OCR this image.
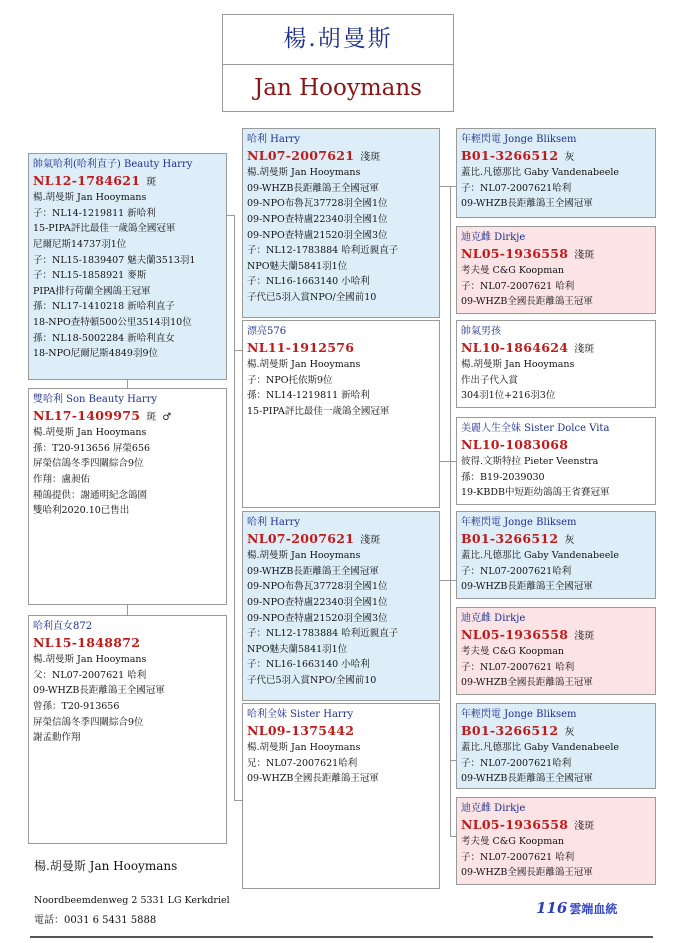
楊.胡曼斯
Jan Hooymans
帥氣哈利(哈利直子) Beauty Harry
NL12-1784621 斑
楊.胡曼斯 Jan Hooymans
子：NL14-1219811 新哈利
15-PIPA評比最佳一歲鴿全國冠軍
尼爾尼斯14737羽1位
子：NL15-1839407 魅夫蘭3513羽1
子：NL15-1858921 麥斯
PIPA排行荷蘭全國鴿王冠軍
孫：NL17-1410218 新哈利直子
18-NPO查特頓500公里3514羽10位
孫：NL18-5002284 新哈利直女
18-NPO尼爾尼斯4849羽9位
雙哈利 Son Beauty Harry
NL17-1409975 斑 ♂
楊.胡曼斯 Jan Hooymans
孫：T20-913656 屏榮656
屏榮信鴿冬季四關綜合9位
作翔：盧昶佑
種鴿提供：謝通明紀念鴿園
雙哈利2020.10已售出
哈利直女872
NL15-1848872
楊.胡曼斯 Jan Hooymans
父：NL07-2007621 哈利
09-WHZB長距離鴿王全國冠軍
曾孫：T20-913656
屏榮信鴿冬季四關綜合9位
謝孟勳作翔
哈利 Harry
NL07-2007621 淺斑
楊.胡曼斯 Jan Hooymans
09-WHZB長距離鴿王全國冠軍
09-NPO布魯瓦37728羽全國1位
09-NPO查特盧22340羽全國1位
09-NPO查特盧21520羽全國3位
子：NL12-1783884 哈利近親直子
NPO魅夫蘭5841羽1位
子：NL16-1663140 小哈利
子代已5羽入賞NPO/全國前10
漂亮576
NL11-1912576
楊.胡曼斯 Jan Hooymans
子：NPO托依斯9位
孫：NL14-1219811 新哈利
15-PIPA評比最佳一歲鴿全國冠軍
哈利 Harry
NL07-2007621 淺斑
楊.胡曼斯 Jan Hooymans
09-WHZB長距離鴿王全國冠軍
09-NPO布魯瓦37728羽全國1位
09-NPO查特盧22340羽全國1位
09-NPO查特盧21520羽全國3位
子：NL12-1783884 哈利近親直子
NPO魅夫蘭5841羽1位
子：NL16-1663140 小哈利
子代已5羽入賞NPO/全國前10
哈利全妹 Sister Harry
NL09-1375442
楊.胡曼斯 Jan Hooymans
兄：NL07-2007621哈利
09-WHZB全國長距離鴿王冠軍
年輕閃電 Jonge Bliksem
B01-3266512 灰
蓋比.凡德那比 Gaby Vandenabeele
子：NL07-2007621哈利
09-WHZB長距離鴿王全國冠軍
迪克雌 Dirkje
NL05-1936558 淺斑
考夫曼 C&G Koopman
子：NL07-2007621 哈利
09-WHZB全國長距離鴿王冠軍
帥氣男孩
NL10-1864624 淺斑
楊.胡曼斯 Jan Hooymans
作出子代入賞
304羽1位+216羽3位
美麗人生全妹 Sister Dolce Vita
NL10-1083068
彼得.文斯特拉 Pieter Veenstra
孫：B19-2039030
19-KBDB中短距幼鴿鴿王省賽冠軍
年輕閃電 Jonge Bliksem
B01-3266512 灰
蓋比.凡德那比 Gaby Vandenabeele
子：NL07-2007621哈利
09-WHZB長距離鴿王全國冠軍
迪克雌 Dirkje
NL05-1936558 淺斑
考夫曼 C&G Koopman
子：NL07-2007621 哈利
09-WHZB全國長距離鴿王冠軍
年輕閃電 Jonge Bliksem
B01-3266512 灰
蓋比.凡德那比 Gaby Vandenabeele
子：NL07-2007621哈利
09-WHZB長距離鴿王全國冠軍
迪克雌 Dirkje
NL05-1936558 淺斑
考夫曼 C&G Koopman
子：NL07-2007621 哈利
09-WHZB全國長距離鴿王冠軍
楊.胡曼斯 Jan Hooymans
Noordbeemdenweg 2 5331 LG Kerkdriel
電話：0031 6 5431 5888
116 雲端血統
